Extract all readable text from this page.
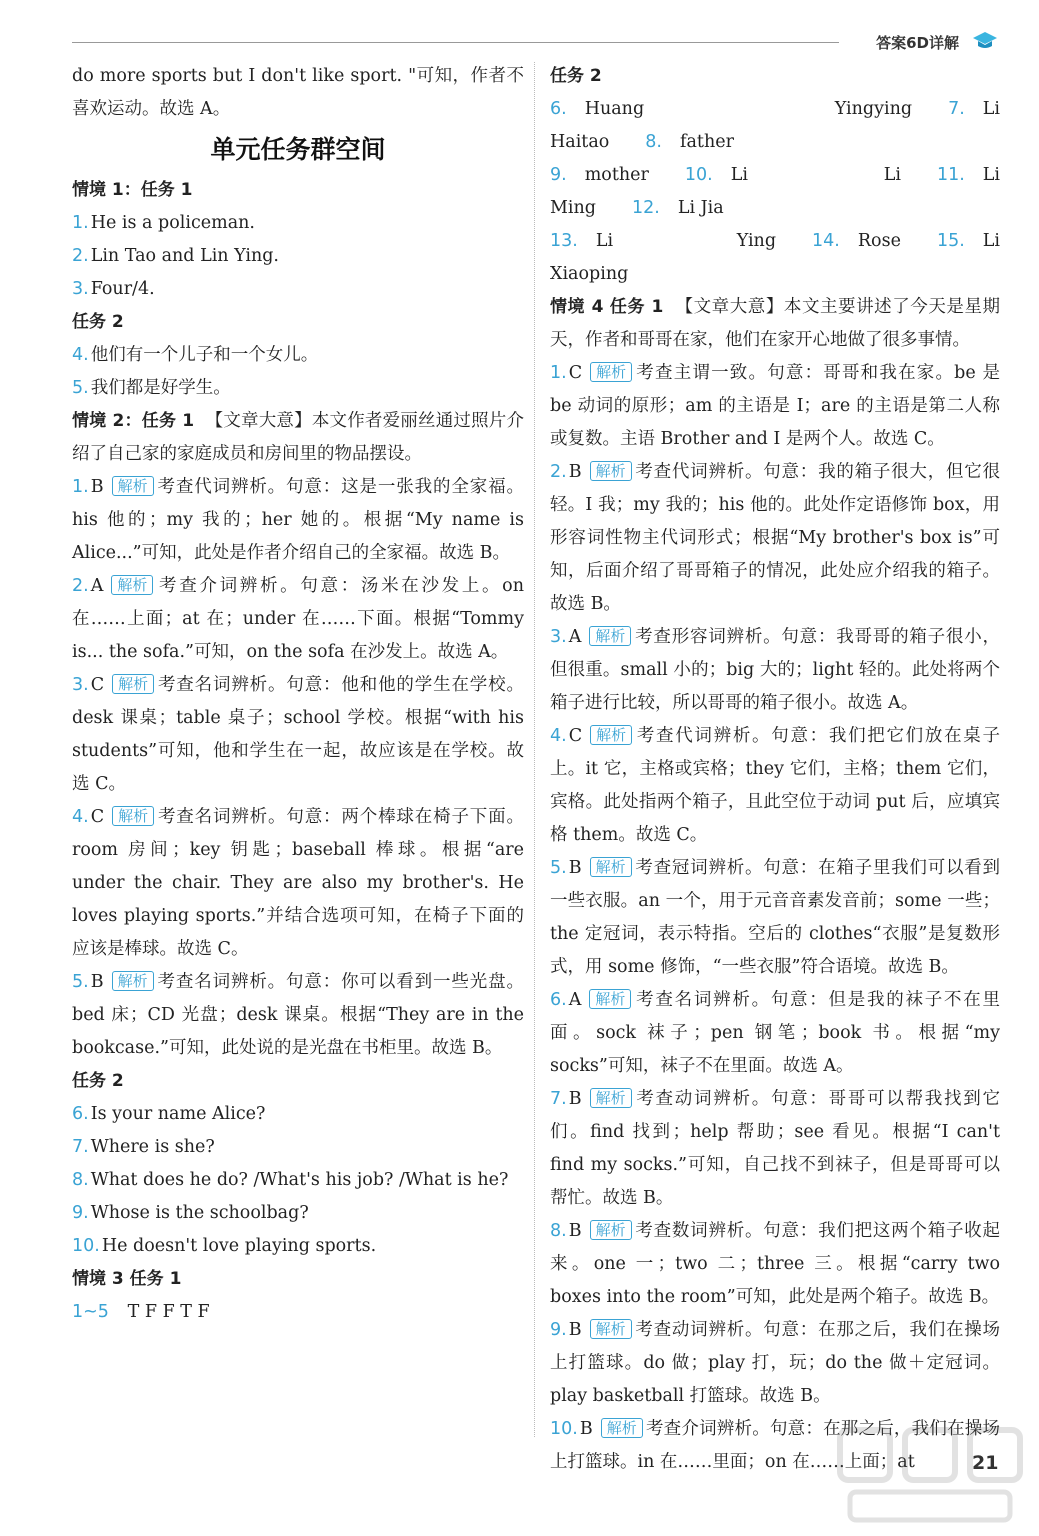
答案6D详解

do more sports but I don't like sport. "可知，作者不喜欢运动。故选 A。

单元任务群空间

情境 1：任务 1

1. He is a policeman.

2. Lin Tao and Lin Ying.

3. Four/4.

任务 2

4. 他们有一个儿子和一个女儿。

5. 我们都是好学生。

情境 2：任务 1 【文章大意】本文作者爱丽丝通过照片介绍了自己家的家庭成员和房间里的物品摆设。

1. B 解析 考查代词辨析。句意：这是一张我的全家福。his 他的；my 我的；her 她的。根据“My name is Alice...”可知，此处是作者介绍自己的全家福。故选 B。

2. A 解析 考查介词辨析。句意：汤米在沙发上。on 在……上面；at 在；under 在……下面。根据“Tommy is... the sofa.”可知，on the sofa 在沙发上。故选 A。

3. C 解析 考查名词辨析。句意：他和他的学生在学校。desk 课桌；table 桌子；school 学校。根据“with his students”可知，他和学生在一起，故应该是在学校。故选 C。

4. C 解析 考查名词辨析。句意：两个棒球在椅子下面。room 房间；key 钥匙；baseball 棒球。根据“are under the chair. They are also my brother's. He loves playing sports.”并结合选项可知，在椅子下面的应该是棒球。故选 C。

5. B 解析 考查名词辨析。句意：你可以看到一些光盘。bed 床；CD 光盘；desk 课桌。根据“They are in the bookcase.”可知，此处说的是光盘在书柜里。故选 B。

任务 2

6. Is your name Alice?

7. Where is she?

8. What does he do? /What's his job? /What is he?

9. Whose is the schoolbag?

10. He doesn't love playing sports.

情境 3 任务 1

1~5 T F F T F

任务 2

6. Huang Yingying 7. Li Haitao 8. father

9. mother 10. Li Li 11. Li Ming 12. Li Jia

13. Li Ying 14. Rose 15. Li Xiaoping

情境 4 任务 1 【文章大意】本文主要讲述了今天是星期天，作者和哥哥在家，他们在家开心地做了很多事情。

1. C 解析 考查主谓一致。句意：哥哥和我在家。be 是 be 动词的原形；am 的主语是 I；are 的主语是第二人称或复数。主语 Brother and I 是两个人。故选 C。

2. B 解析 考查代词辨析。句意：我的箱子很大，但它很轻。I 我；my 我的；his 他的。此处作定语修饰 box，用形容词性物主代词形式；根据“My brother's box is”可知，后面介绍了哥哥箱子的情况，此处应介绍我的箱子。故选 B。

3. A 解析 考查形容词辨析。句意：我哥哥的箱子很小，但很重。small 小的；big 大的；light 轻的。此处将两个箱子进行比较，所以哥哥的箱子很小。故选 A。

4. C 解析 考查代词辨析。句意：我们把它们放在桌子上。it 它，主格或宾格；they 它们，主格；them 它们，宾格。此处指两个箱子，且此空位于动词 put 后，应填宾格 them。故选 C。

5. B 解析 考查冠词辨析。句意：在箱子里我们可以看到一些衣服。an 一个，用于元音音素发音前；some 一些；the 定冠词，表示特指。空后的 clothes“衣服”是复数形式，用 some 修饰，“一些衣服”符合语境。故选 B。

6. A 解析 考查名词辨析。句意：但是我的袜子不在里面。sock 袜子；pen 钢笔；book 书。根据“my socks”可知，袜子不在里面。故选 A。

7. B 解析 考查动词辨析。句意：哥哥可以帮我找到它们。find 找到；help 帮助；see 看见。根据“I can't find my socks.”可知，自己找不到袜子，但是哥哥可以帮忙。故选 B。

8. B 解析 考查数词辨析。句意：我们把这两个箱子收起来。one 一；two 二；three 三。根据“carry two boxes into the room”可知，此处是两个箱子。故选 B。

9. B 解析 考查动词辨析。句意：在那之后，我们在操场上打篮球。do 做；play 打，玩；do the 做＋定冠词。play basketball 打篮球。故选 B。

10. B 解析 考查介词辨析。句意：在那之后，我们在操场上打篮球。in 在……里面；on 在……上面；at	21
